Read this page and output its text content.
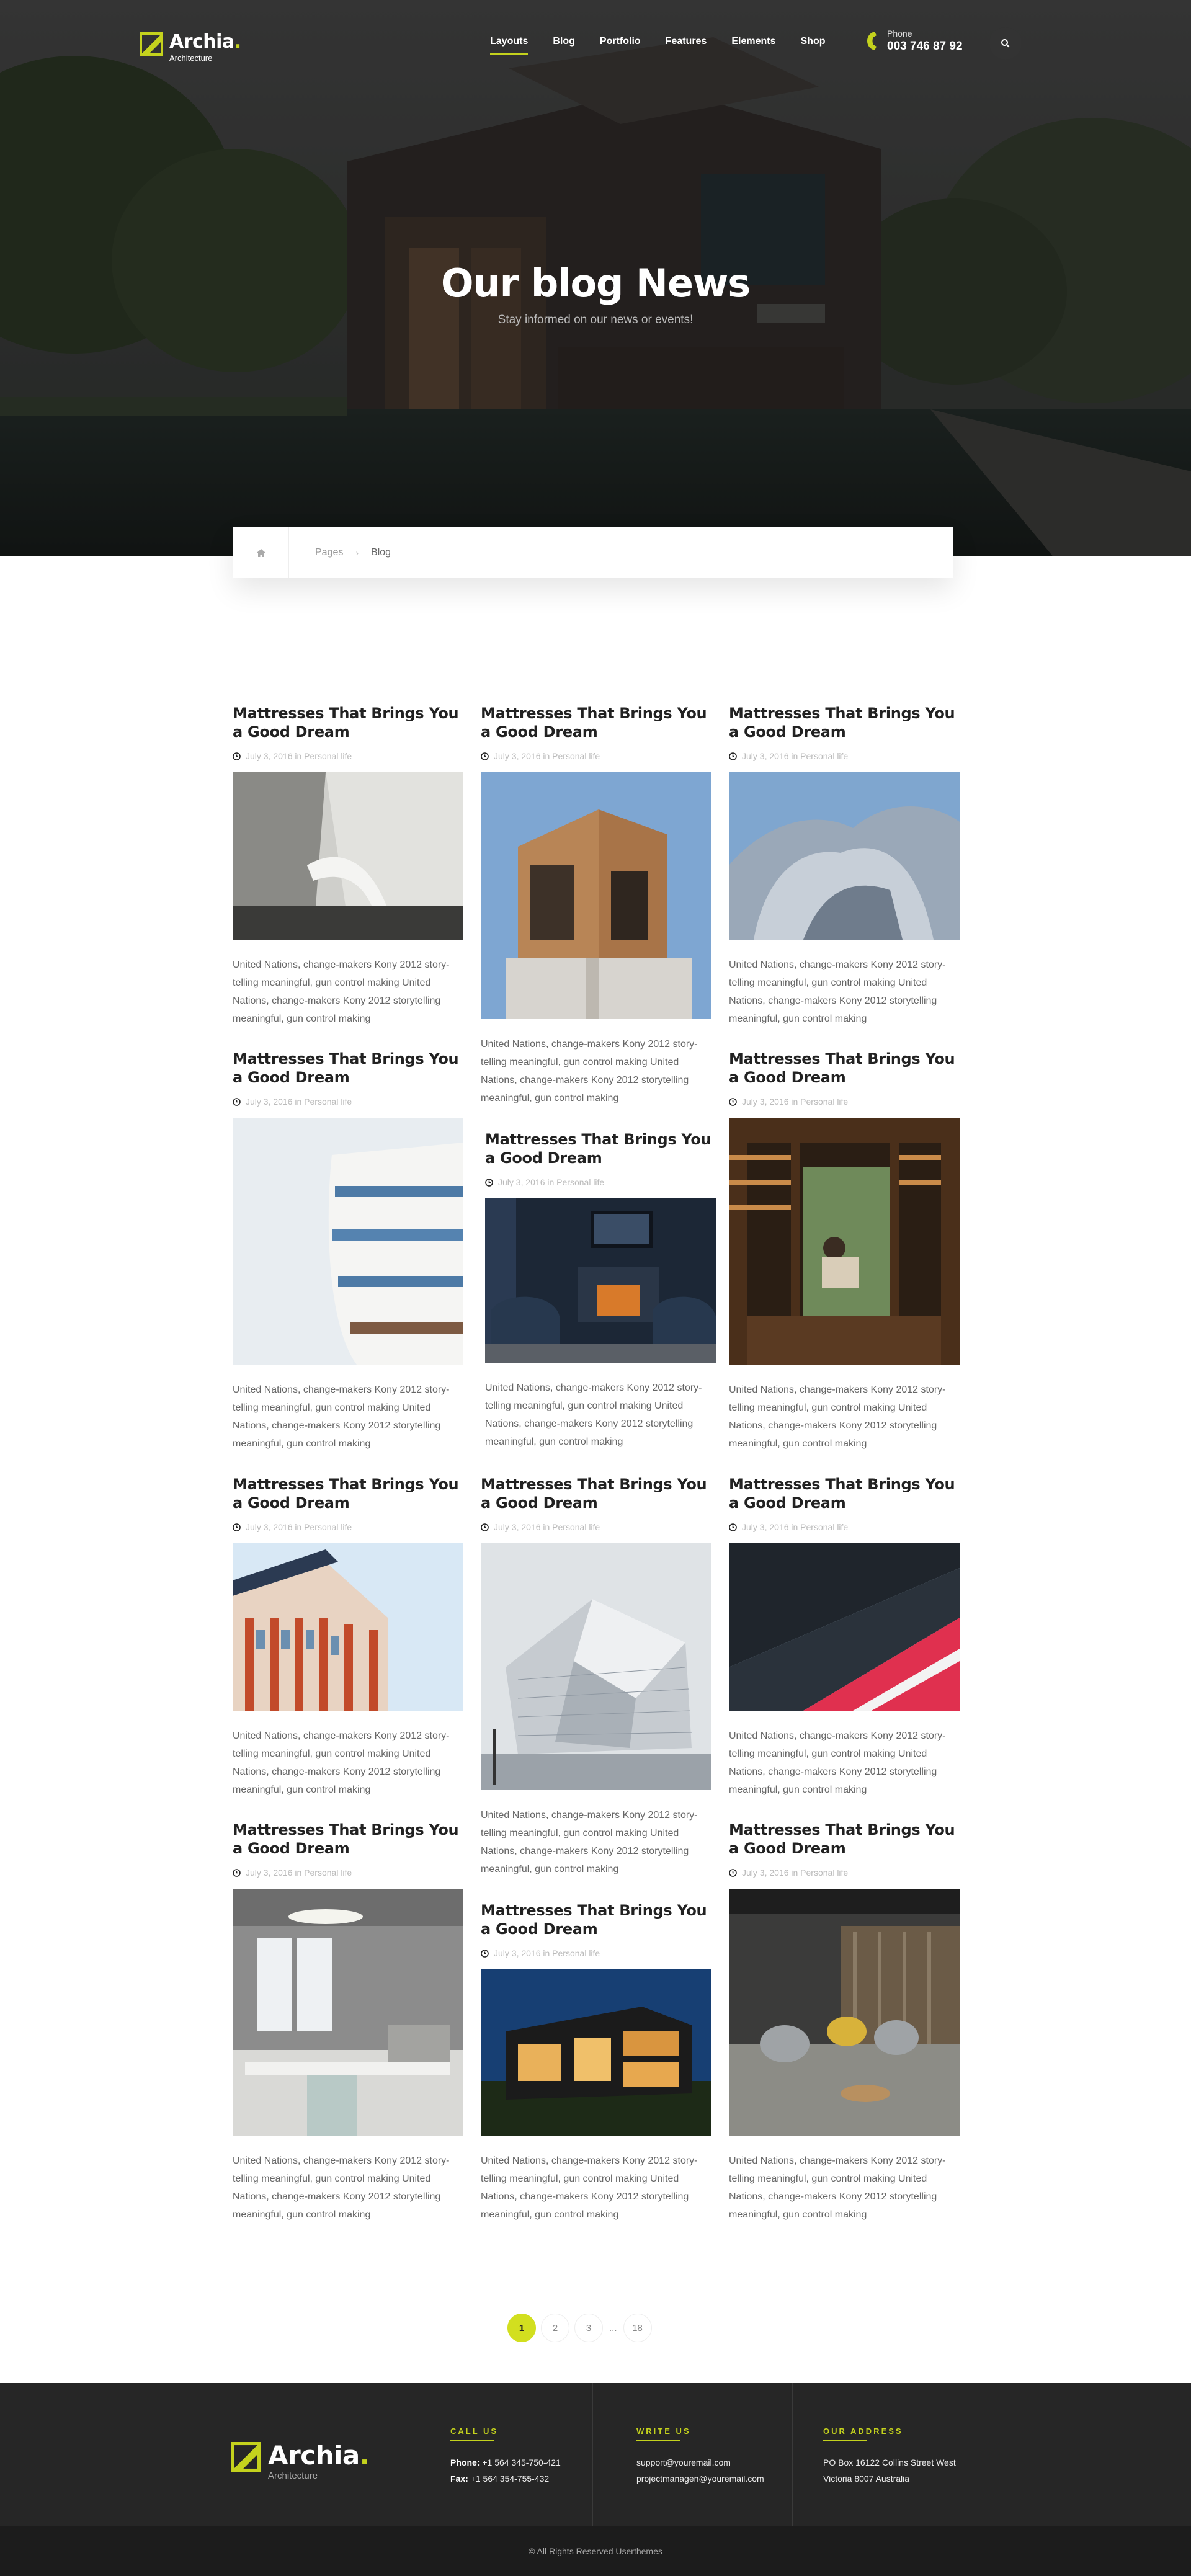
Archia.
Architecture
Layouts	Blog	Portfolio	Features	Elements	Shop
Phone
003 746 87 92
Our blog News

Stay informed on our news or events!

Pages › Blog
Mattresses That Brings You a Good Dream
July 3, 2016 in Personal life

United Nations, change-makers Kony 2012 story-telling meaningful, gun control making United Nations, change-makers Kony 2012 storytelling meaningful, gun control making

Mattresses That Brings You a Good Dream
July 3, 2016 in Personal life

United Nations, change-makers Kony 2012 story-telling meaningful, gun control making United Nations, change-makers Kony 2012 storytelling meaningful, gun control making

Mattresses That Brings You a Good Dream
July 3, 2016 in Personal life

United Nations, change-makers Kony 2012 story-telling meaningful, gun control making United Nations, change-makers Kony 2012 storytelling meaningful, gun control making

Mattresses That Brings You a Good Dream
July 3, 2016 in Personal life

United Nations, change-makers Kony 2012 story-telling meaningful, gun control making United Nations, change-makers Kony 2012 storytelling meaningful, gun control making

Mattresses That Brings You a Good Dream
July 3, 2016 in Personal life

United Nations, change-makers Kony 2012 story-telling meaningful, gun control making United Nations, change-makers Kony 2012 storytelling meaningful, gun control making

Mattresses That Brings You a Good Dream
July 3, 2016 in Personal life

United Nations, change-makers Kony 2012 story-telling meaningful, gun control making United Nations, change-makers Kony 2012 storytelling meaningful, gun control making

Mattresses That Brings You a Good Dream
July 3, 2016 in Personal life

United Nations, change-makers Kony 2012 story-telling meaningful, gun control making United Nations, change-makers Kony 2012 storytelling meaningful, gun control making

Mattresses That Brings You a Good Dream
July 3, 2016 in Personal life

United Nations, change-makers Kony 2012 story-telling meaningful, gun control making United Nations, change-makers Kony 2012 storytelling meaningful, gun control making

Mattresses That Brings You a Good Dream
July 3, 2016 in Personal life

United Nations, change-makers Kony 2012 story-telling meaningful, gun control making United Nations, change-makers Kony 2012 storytelling meaningful, gun control making

Mattresses That Brings You a Good Dream
July 3, 2016 in Personal life

United Nations, change-makers Kony 2012 story-telling meaningful, gun control making United Nations, change-makers Kony 2012 storytelling meaningful, gun control making

Mattresses That Brings You a Good Dream
July 3, 2016 in Personal life

United Nations, change-makers Kony 2012 story-telling meaningful, gun control making United Nations, change-makers Kony 2012 storytelling meaningful, gun control making

Mattresses That Brings You a Good Dream
July 3, 2016 in Personal life

United Nations, change-makers Kony 2012 story-telling meaningful, gun control making United Nations, change-makers Kony 2012 storytelling meaningful, gun control making

1	2	3	...	18
Archia.
Architecture
CALL US
Phone: +1 564 345-750-421
Fax: +1 564 354-755-432
WRITE US
support@youremail.com
projectmanagen@youremail.com
OUR ADDRESS
PO Box 16122 Collins Street West
Victoria 8007 Australia
© All Rights Reserved Userthemes
